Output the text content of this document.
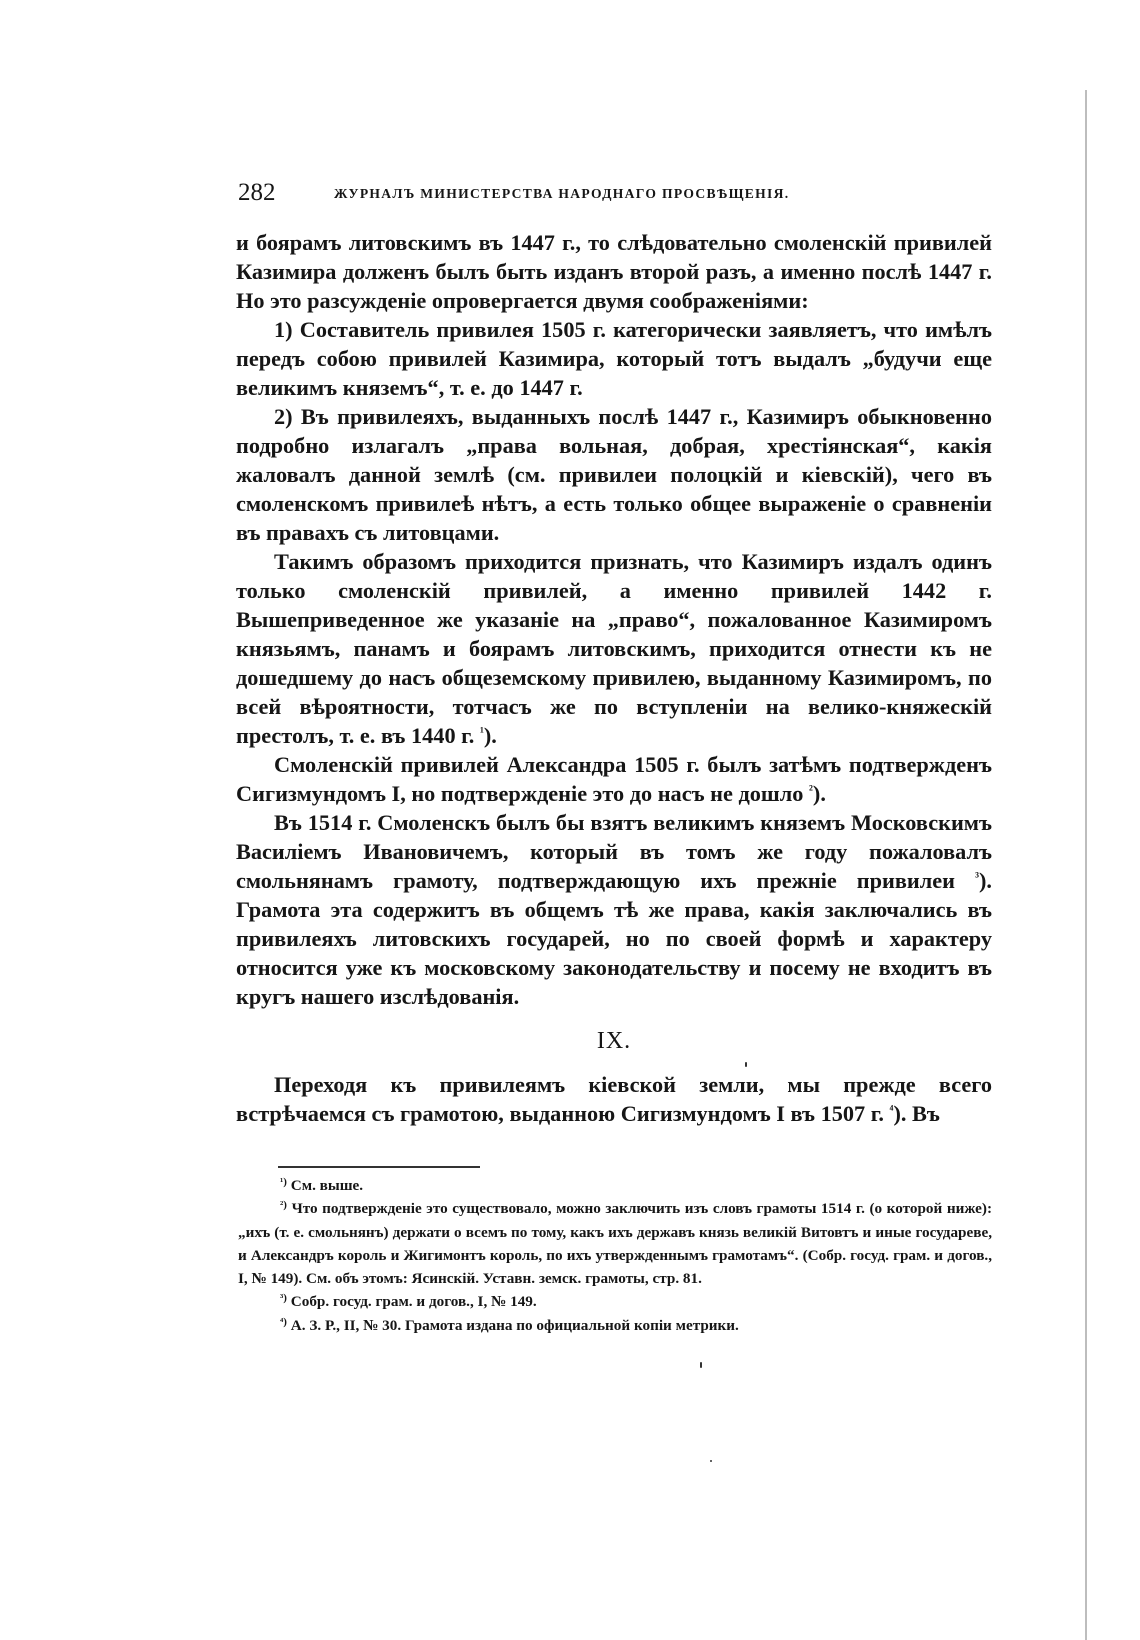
282	ЖУРНАЛЪ МИНИСТЕРСТВА НАРОДНАГО ПРОСВѢЩЕНІЯ.

и боярамъ литовскимъ въ 1447 г., то слѣдовательно смоленскій привилей Казимира долженъ былъ быть изданъ второй разъ, а именно послѣ 1447 г. Но это разсужденіе опровергается двумя соображеніями:

1) Составитель привилея 1505 г. категорически заявляетъ, что имѣлъ передъ собою привилей Казимира, который тотъ выдалъ „будучи еще великимъ княземъ“, т. е. до 1447 г.

2) Въ привилеяхъ, выданныхъ послѣ 1447 г., Казимиръ обыкновенно подробно излагалъ „права вольная, добрая, хрестіянская“, какія жаловалъ данной землѣ (см. привилеи полоцкій и кіевскій), чего въ смоленскомъ привилеѣ нѣтъ, а есть только общее выраженіе о сравненіи въ правахъ съ литовцами.

Такимъ образомъ приходится признать, что Казимиръ издалъ одинъ только смоленскій привилей, а именно привилей 1442 г. Вышеприведенное же указаніе на „право“, пожалованное Казимиромъ князьямъ, панамъ и боярамъ литовскимъ, приходится отнести къ не дошедшему до насъ общеземскому привилею, выданному Казимиромъ, по всей вѣроятности, тотчасъ же по вступленіи на велико-княжескій престолъ, т. е. въ 1440 г. $^{^1}$).

Смоленскій привилей Александра 1505 г. былъ затѣмъ подтвержденъ Сигизмундомъ I, но подтвержденіе это до насъ не дошло $^{^2}$).

Въ 1514 г. Смоленскъ былъ бы взятъ великимъ княземъ Московскимъ Василіемъ Ивановичемъ, который въ томъ же году пожаловалъ смольнянамъ грамоту, подтверждающую ихъ прежніе привилеи $^{^3}$). Грамота эта содержитъ въ общемъ тѣ же права, какія заключались въ привилеяхъ литовскихъ государей, но по своей формѣ и характеру относится уже къ московскому законодательству и посему не входитъ въ кругъ нашего изслѣдованія.

IX.

Переходя къ привилеямъ кіевской земли, мы прежде всего встрѣчаемся съ грамотою, выданною Сигизмундомъ I въ 1507 г. $^{^4}$). Въ

$^{^1)}$ См. выше.

$^{^2)}$ Что подтвержденіе это существовало, можно заключить изъ словъ грамоты 1514 г. (о которой ниже): „ихъ (т. е. смольнянъ) держати о всемъ по тому, какъ ихъ державъ князь великій Витовтъ и иные государеве, и Александръ король и Жигимонтъ король, по ихъ утвержденнымъ грамотамъ“. (Собр. госуд. грам. и догов., I, № 149). См. объ этомъ: Ясинскій. Уставн. земск. грамоты, стр. 81.

$^{^3)}$ Собр. госуд. грам. и догов., I, № 149.

$^{^4)}$ А. З. Р., II, № 30. Грамота издана по официальной копіи метрики.
